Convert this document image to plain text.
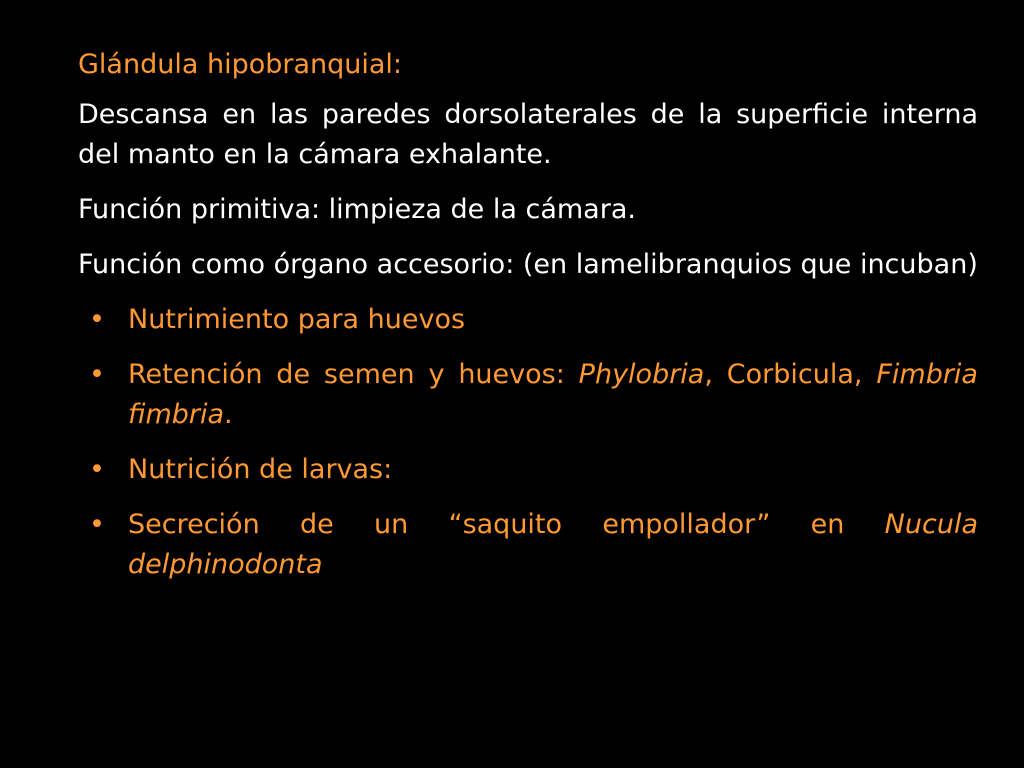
Glándula hipobranquial:
Descansa en las paredes dorsolaterales de la superficie interna del manto en la cámara exhalante.
Función primitiva: limpieza de la cámara.
Función como órgano accesorio: (en lamelibranquios que incuban)
• Nutrimiento para huevos
• Retención de semen y huevos: Phylobria, Corbicula, Fimbria fimbria.
• Nutrición de larvas:
• Secreción de un “saquito empollador” en Nucula delphinodonta
